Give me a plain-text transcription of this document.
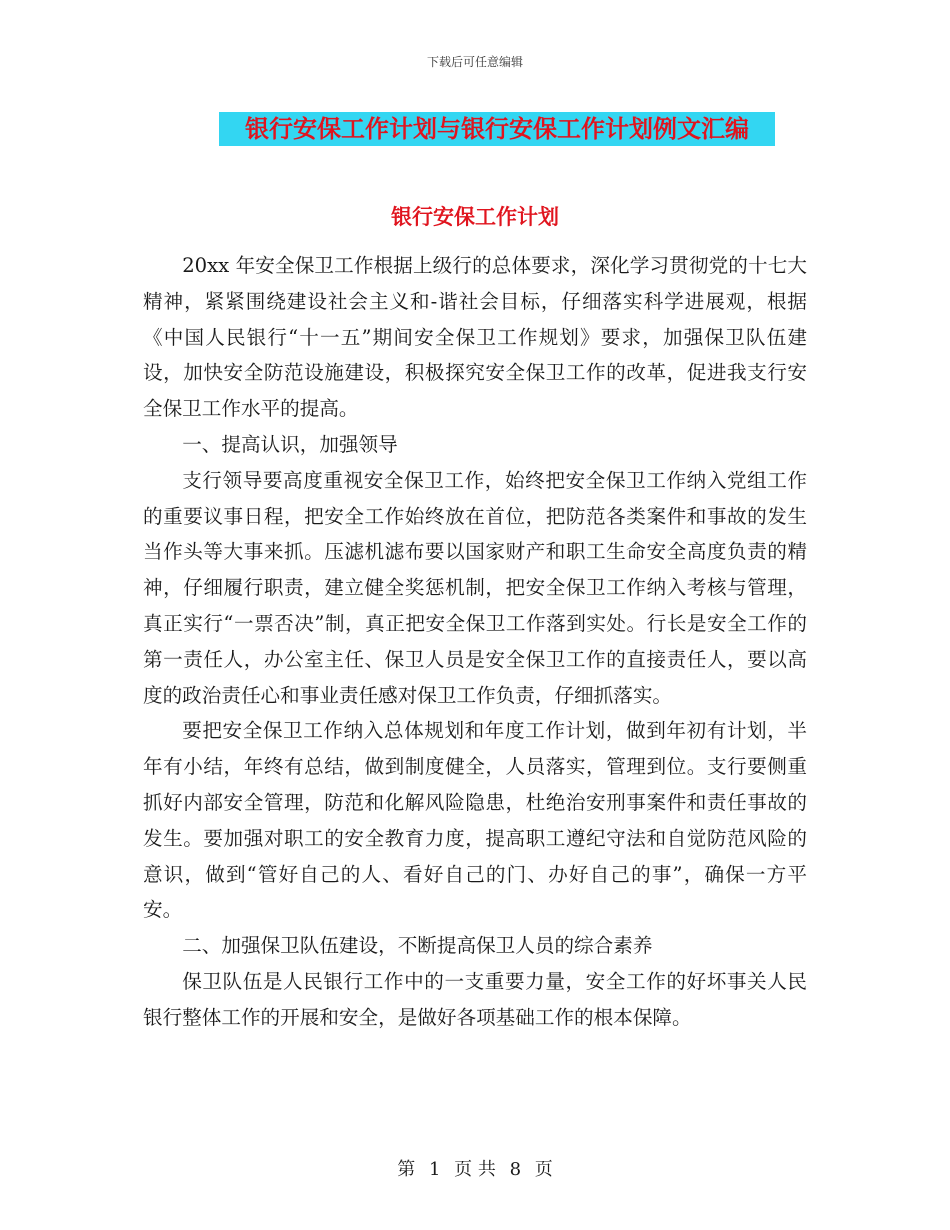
下载后可任意编辑
银行安保工作计划与银行安保工作计划例文汇编
银行安保工作计划

20xx 年安全保卫工作根据上级行的总体要求，深化学习贯彻党的十七大精神，紧紧围绕建设社会主义和-谐社会目标，仔细落实科学进展观，根据《中国人民银行“十一五”期间安全保卫工作规划》要求，加强保卫队伍建设，加快安全防范设施建设，积极探究安全保卫工作的改革，促进我支行安全保卫工作水平的提高。

一、提高认识，加强领导

支行领导要高度重视安全保卫工作，始终把安全保卫工作纳入党组工作的重要议事日程，把安全工作始终放在首位，把防范各类案件和事故的发生当作头等大事来抓。压滤机滤布要以国家财产和职工生命安全高度负责的精神，仔细履行职责，建立健全奖惩机制，把安全保卫工作纳入考核与管理，真正实行“一票否决”制，真正把安全保卫工作落到实处。行长是安全工作的第一责任人，办公室主任、保卫人员是安全保卫工作的直接责任人，要以高度的政治责任心和事业责任感对保卫工作负责，仔细抓落实。

要把安全保卫工作纳入总体规划和年度工作计划，做到年初有计划，半年有小结，年终有总结，做到制度健全，人员落实，管理到位。支行要侧重抓好内部安全管理，防范和化解风险隐患，杜绝治安刑事案件和责任事故的发生。要加强对职工的安全教育力度，提高职工遵纪守法和自觉防范风险的意识，做到“管好自己的人、看好自己的门、办好自己的事”，确保一方平安。

二、加强保卫队伍建设，不断提高保卫人员的综合素养

保卫队伍是人民银行工作中的一支重要力量，安全工作的好坏事关人民银行整体工作的开展和安全，是做好各项基础工作的根本保障。

第 1 页 共 8 页
